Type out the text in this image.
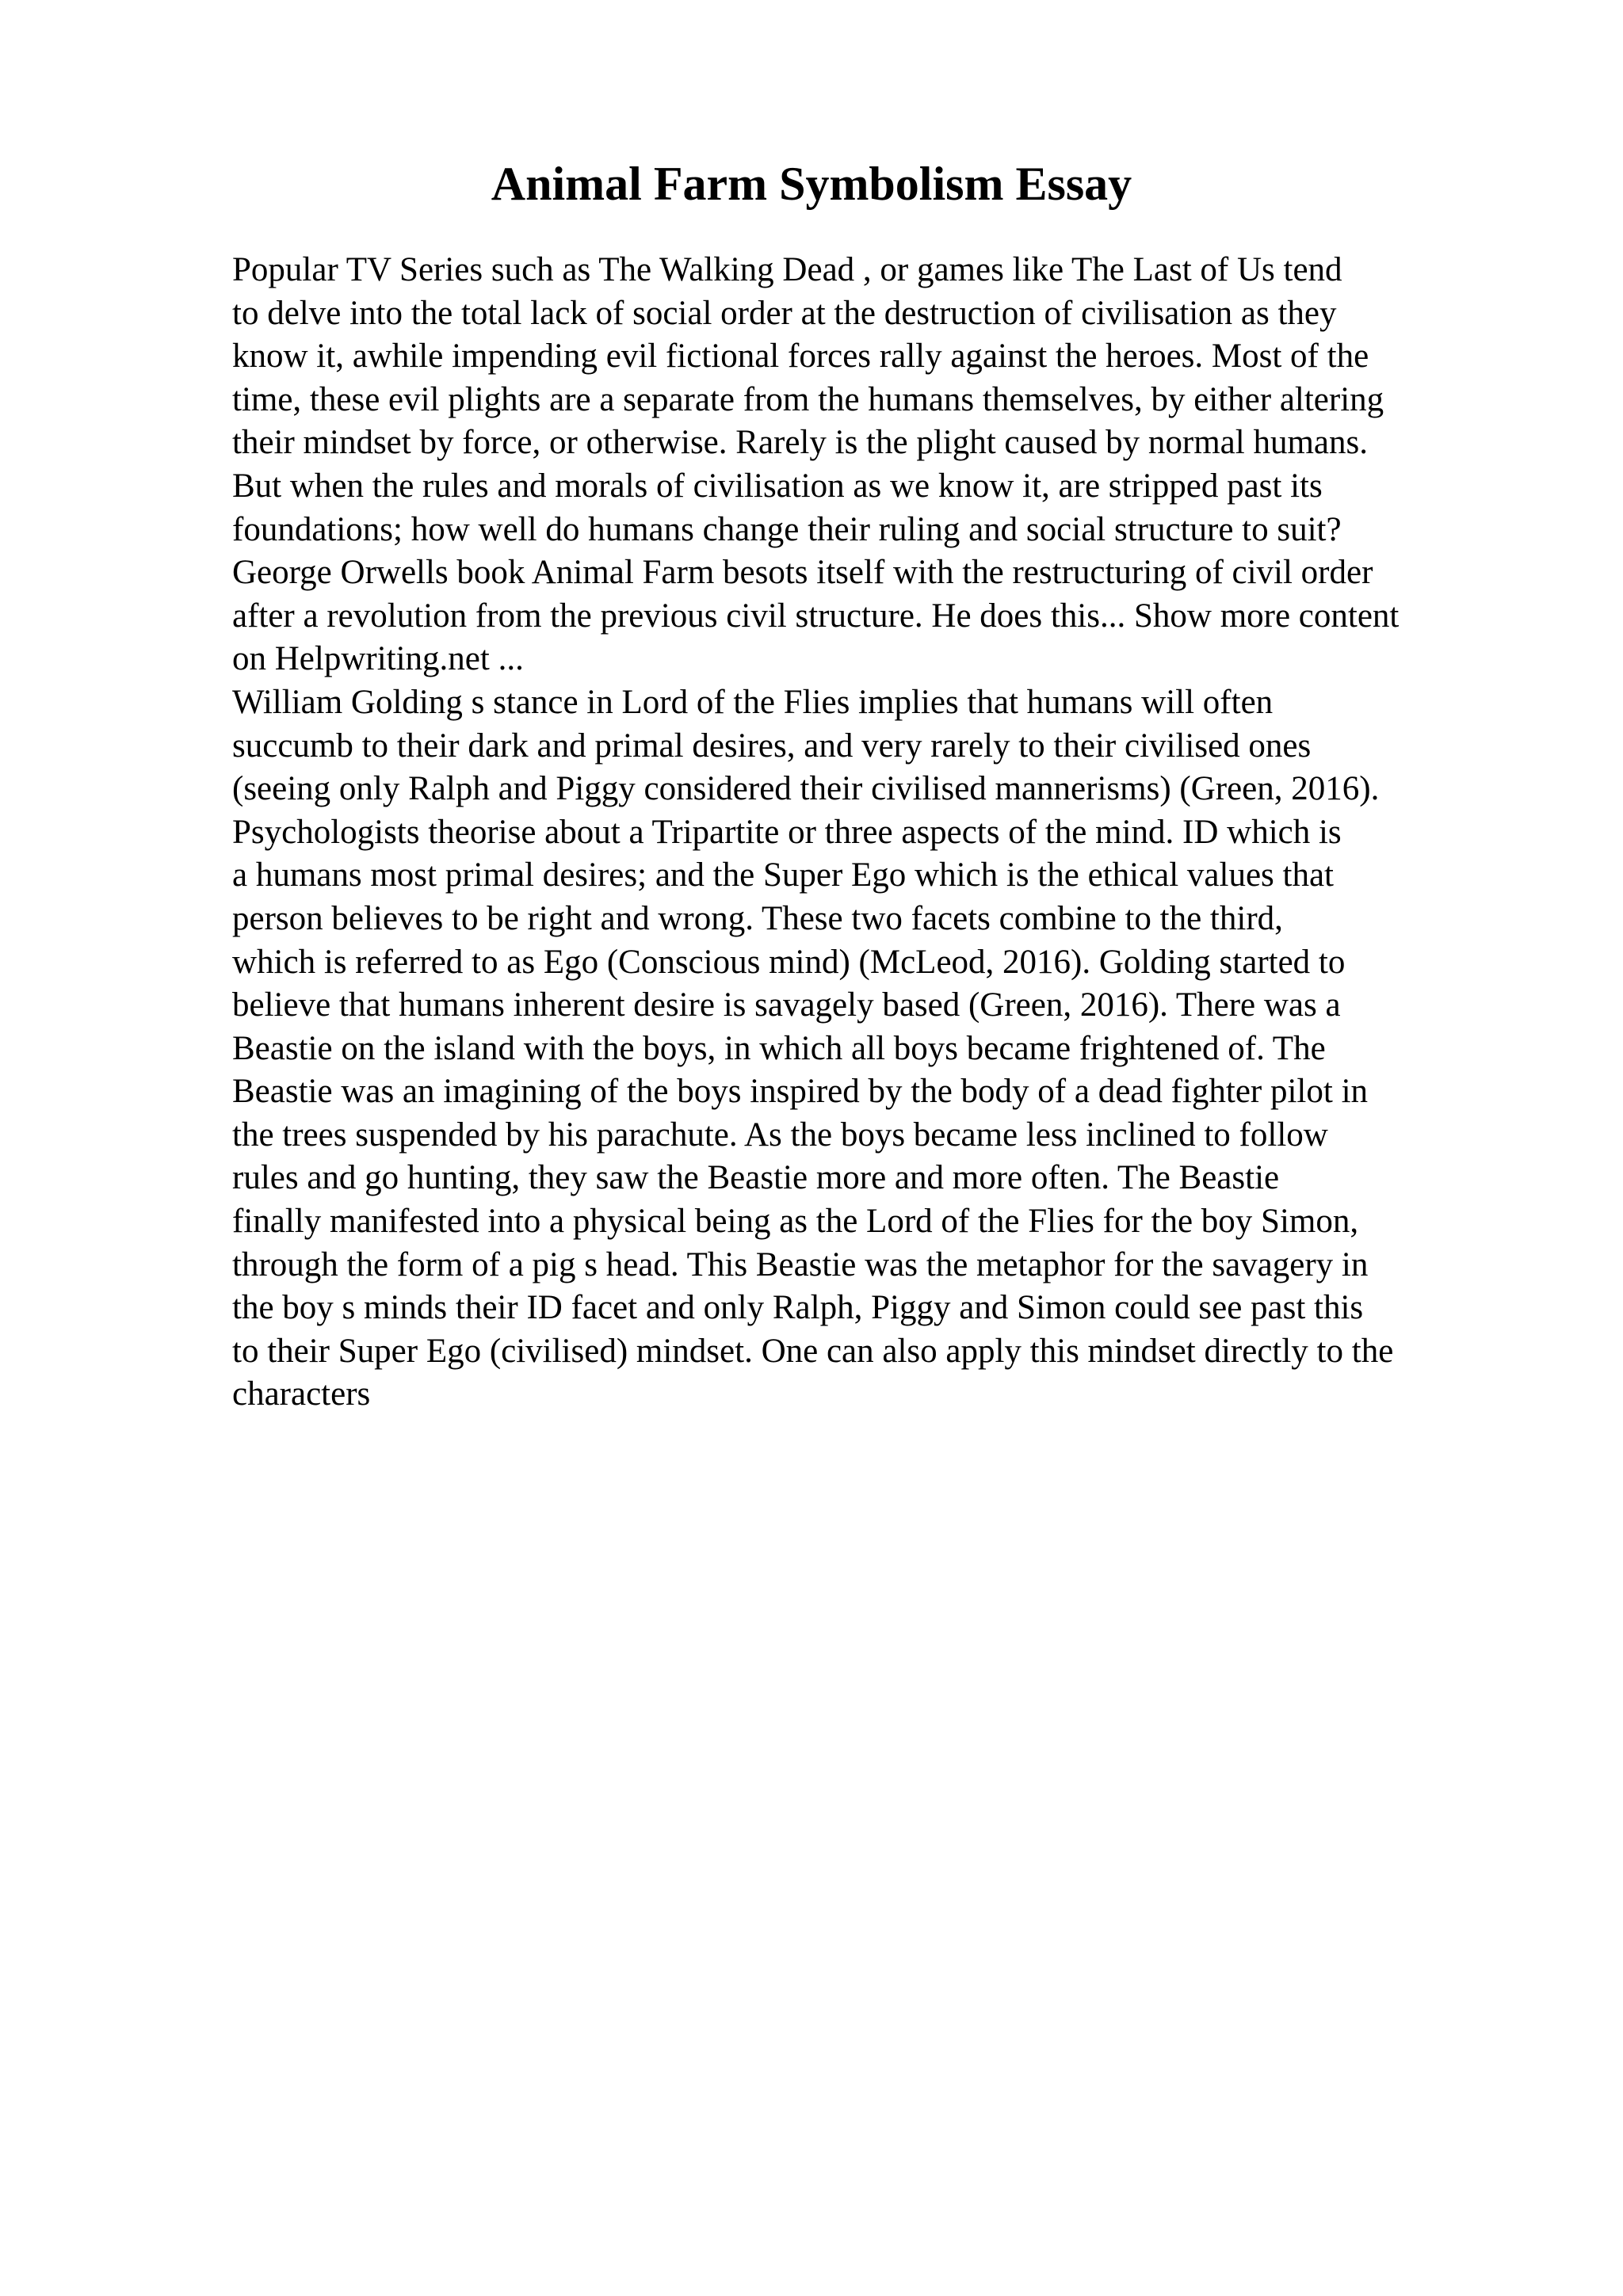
Animal Farm Symbolism Essay
Popular TV Series such as The Walking Dead , or games like The Last of Us tend
to delve into the total lack of social order at the destruction of civilisation as they
know it, awhile impending evil fictional forces rally against the heroes. Most of the
time, these evil plights are a separate from the humans themselves, by either altering
their mindset by force, or otherwise. Rarely is the plight caused by normal humans.
But when the rules and morals of civilisation as we know it, are stripped past its
foundations; how well do humans change their ruling and social structure to suit?
George Orwells book Animal Farm besots itself with the restructuring of civil order
after a revolution from the previous civil structure. He does this... Show more content
on Helpwriting.net ...
William Golding s stance in Lord of the Flies implies that humans will often
succumb to their dark and primal desires, and very rarely to their civilised ones
(seeing only Ralph and Piggy considered their civilised mannerisms) (Green, 2016).
Psychologists theorise about a Tripartite or three aspects of the mind. ID which is
a humans most primal desires; and the Super Ego which is the ethical values that
person believes to be right and wrong. These two facets combine to the third,
which is referred to as Ego (Conscious mind) (McLeod, 2016). Golding started to
believe that humans inherent desire is savagely based (Green, 2016). There was a
Beastie on the island with the boys, in which all boys became frightened of. The
Beastie was an imagining of the boys inspired by the body of a dead fighter pilot in
the trees suspended by his parachute. As the boys became less inclined to follow
rules and go hunting, they saw the Beastie more and more often. The Beastie
finally manifested into a physical being as the Lord of the Flies for the boy Simon,
through the form of a pig s head. This Beastie was the metaphor for the savagery in
the boy s minds their ID facet and only Ralph, Piggy and Simon could see past this
to their Super Ego (civilised) mindset. One can also apply this mindset directly to the
characters
